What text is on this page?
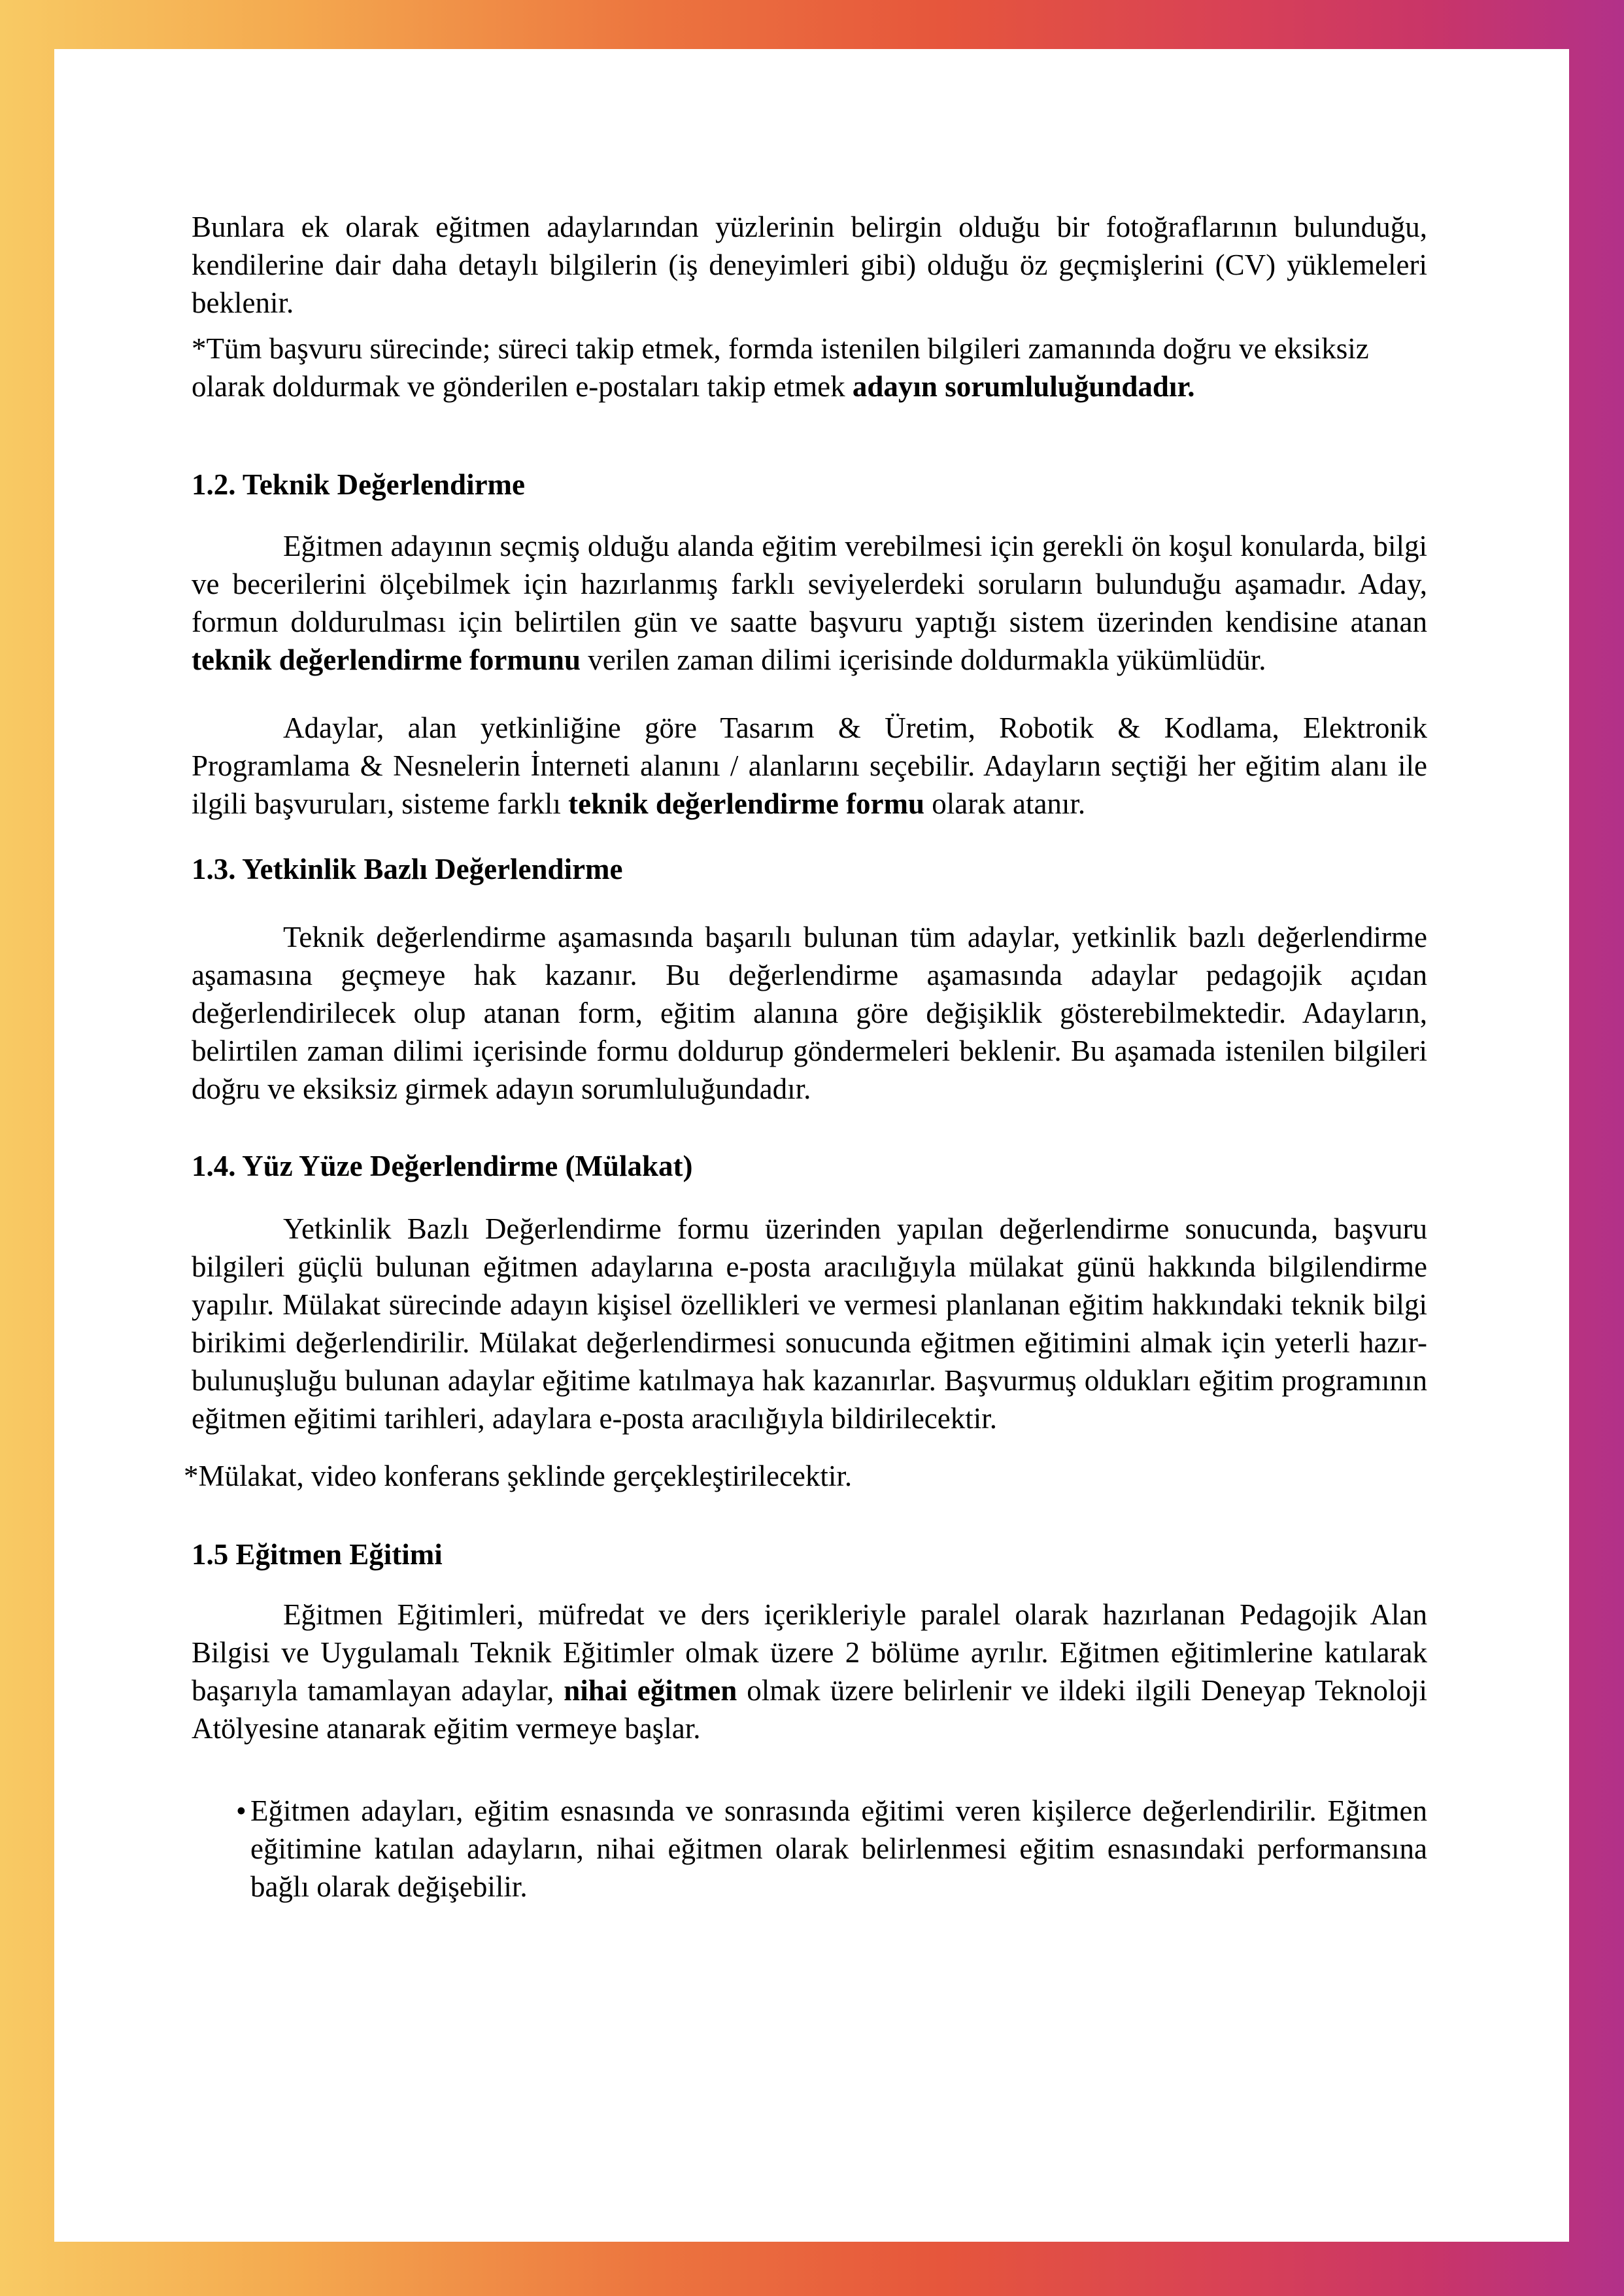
Bunlara ek olarak eğitmen adaylarından yüzlerinin belirgin olduğu bir fotoğraflarının bulunduğu, kendilerine dair daha detaylı bilgilerin (iş deneyimleri gibi) olduğu öz geçmişlerini (CV) yüklemeleri beklenir.

*Tüm başvuru sürecinde; süreci takip etmek, formda istenilen bilgileri zamanında doğru ve eksiksiz olarak doldurmak ve gönderilen e-postaları takip etmek adayın sorumluluğundadır.

1.2. Teknik Değerlendirme

Eğitmen adayının seçmiş olduğu alanda eğitim verebilmesi için gerekli ön koşul konularda, bilgi ve becerilerini ölçebilmek için hazırlanmış farklı seviyelerdeki soruların bulunduğu aşamadır. Aday, formun doldurulması için belirtilen gün ve saatte başvuru yaptığı sistem üzerinden kendisine atanan teknik değerlendirme formunu verilen zaman dilimi içerisinde doldurmakla yükümlüdür.

Adaylar, alan yetkinliğine göre Tasarım & Üretim, Robotik & Kodlama, Elektronik Programlama & Nesnelerin İnterneti alanını / alanlarını seçebilir. Adayların seçtiği her eğitim alanı ile ilgili başvuruları, sisteme farklı teknik değerlendirme formu olarak atanır.

1.3. Yetkinlik Bazlı Değerlendirme

Teknik değerlendirme aşamasında başarılı bulunan tüm adaylar, yetkinlik bazlı değerlendirme aşamasına geçmeye hak kazanır. Bu değerlendirme aşamasında adaylar pedagojik açıdan değerlendirilecek olup atanan form, eğitim alanına göre değişiklik gösterebilmektedir. Adayların, belirtilen zaman dilimi içerisinde formu doldurup göndermeleri beklenir. Bu aşamada istenilen bilgileri doğru ve eksiksiz girmek adayın sorumluluğundadır.

1.4. Yüz Yüze Değerlendirme (Mülakat)

Yetkinlik Bazlı Değerlendirme formu üzerinden yapılan değerlendirme sonucunda, başvuru bilgileri güçlü bulunan eğitmen adaylarına e-posta aracılığıyla mülakat günü hakkında bilgilendirme yapılır. Mülakat sürecinde adayın kişisel özellikleri ve vermesi planlanan eğitim hakkındaki teknik bilgi birikimi değerlendirilir. Mülakat değerlendirmesi sonucunda eğitmen eğitimini almak için yeterli hazır-bulunuşluğu bulunan adaylar eğitime katılmaya hak kazanırlar. Başvurmuş oldukları eğitim programının eğitmen eğitimi tarihleri, adaylara e-posta aracılığıyla bildirilecektir.

*Mülakat, video konferans şeklinde gerçekleştirilecektir.

1.5 Eğitmen Eğitimi

Eğitmen Eğitimleri, müfredat ve ders içerikleriyle paralel olarak hazırlanan Pedagojik Alan Bilgisi ve Uygulamalı Teknik Eğitimler olmak üzere 2 bölüme ayrılır. Eğitmen eğitimlerine katılarak başarıyla tamamlayan adaylar, nihai eğitmen olmak üzere belirlenir ve ildeki ilgili Deneyap Teknoloji Atölyesine atanarak eğitim vermeye başlar.

• Eğitmen adayları, eğitim esnasında ve sonrasında eğitimi veren kişilerce değerlendirilir. Eğitmen eğitimine katılan adayların, nihai eğitmen olarak belirlenmesi eğitim esnasındaki performansına bağlı olarak değişebilir.
